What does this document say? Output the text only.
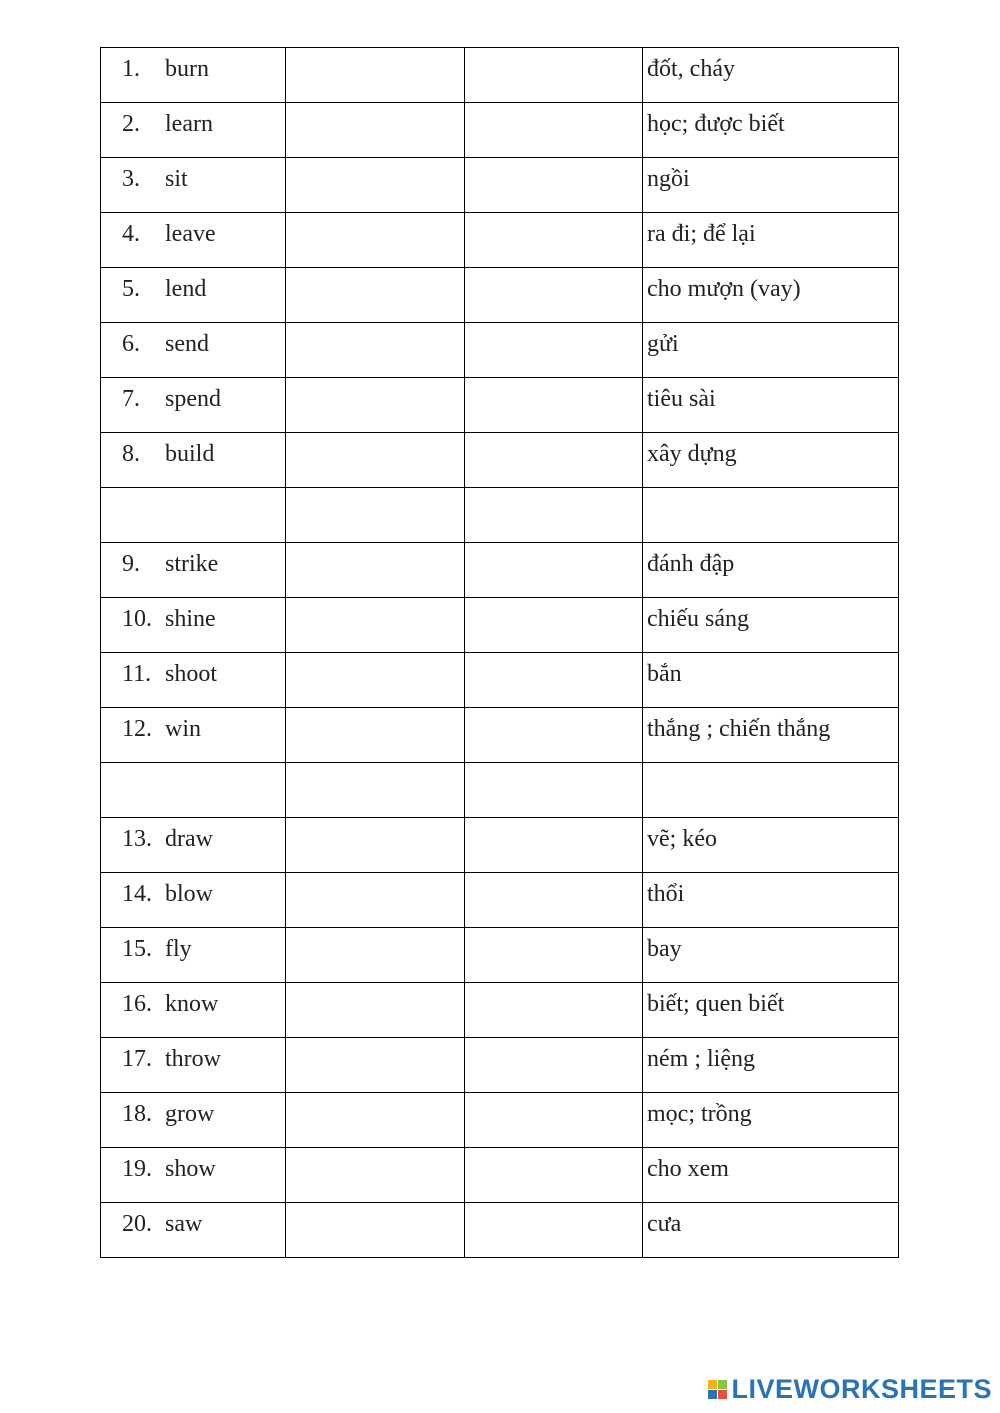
1. burn			đốt, cháy

2. learn			học; được biết

3. sit			ngồi

4. leave			ra đi; để lại

5. lend			cho mượn (vay)

6. send			gửi

7. spend			tiêu sài

8. build			xây dựng

9. strike			đánh đập

10. shine			chiếu sáng

11. shoot			bắn

12. win			thắng ; chiến thắng

13. draw			vẽ; kéo

14. blow			thổi

15. fly			bay

16. know			biết; quen biết

17. throw			ném ; liệng

18. grow			mọc; trồng

19. show			cho xem

20. saw			cưa
LIVEWORKSHEETS
